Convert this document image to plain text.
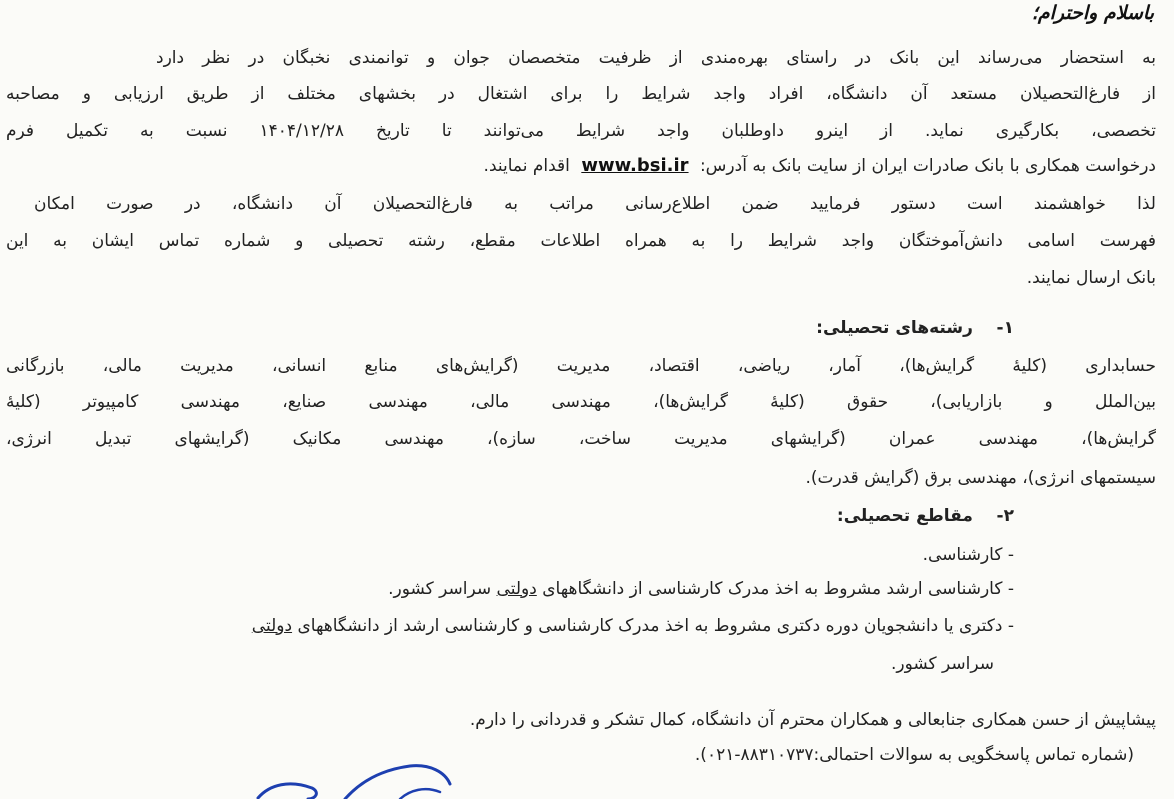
باسلام واحترام؛
به استحضار می‌رساند این بانک در راستای بهره‌مندی از ظرفیت متخصصان جوان و توانمندی نخبگان در نظر دارد
از فارغ‌التحصیلان مستعد آن دانشگاه، افراد واجد شرایط را برای اشتغال در بخشهای مختلف از طریق ارزیابی و مصاحبه
تخصصی، بکارگیری نماید. از اینرو داوطلبان واجد شرایط می‌توانند تا تاریخ ۱۴۰۴/۱۲/۲۸ نسبت به تکمیل فرم
درخواست همکاری با بانک صادرات ایران از سایت بانک به آدرس: www.bsi.ir اقدام نمایند.
لذا خواهشمند است دستور فرمایید ضمن اطلاع‌رسانی مراتب به فارغ‌التحصیلان آن دانشگاه، در صورت امکان
فهرست اسامی دانش‌آموختگان واجد شرایط را به همراه اطلاعات مقطع، رشته تحصیلی و شماره تماس ایشان به این
بانک ارسال نمایند.
۱-    رشته‌های تحصیلی:
حسابداری (کلیهٔ گرایش‌ها)، آمار، ریاضی، اقتصاد، مدیریت (گرایش‌های منابع انسانی، مدیریت مالی، بازرگانی
بین‌الملل و بازاریابی)، حقوق (کلیهٔ گرایش‌ها)، مهندسی مالی، مهندسی صنایع، مهندسی کامپیوتر (کلیهٔ
گرایش‌ها)، مهندسی عمران (گرایشهای مدیریت ساخت، سازه)، مهندسی مکانیک (گرایشهای تبدیل انرژی،
سیستمهای انرژی)، مهندسی برق (گرایش قدرت).
۲-    مقاطع تحصیلی:
- کارشناسی.
- کارشناسی ارشد مشروط به اخذ مدرک کارشناسی از دانشگاههای دولتی سراسر کشور.
- دکتری یا دانشجویان دوره دکتری مشروط به اخذ مدرک کارشناسی و کارشناسی ارشد از دانشگاههای دولتی
سراسر کشور.
پیشاپیش از حسن همکاری جنابعالی و همکاران محترم آن دانشگاه، کمال تشکر و قدردانی را دارم.
(شماره تماس پاسخگویی به سوالات احتمالی:۸۸۳۱۰۷۳۷-۰۲۱).
